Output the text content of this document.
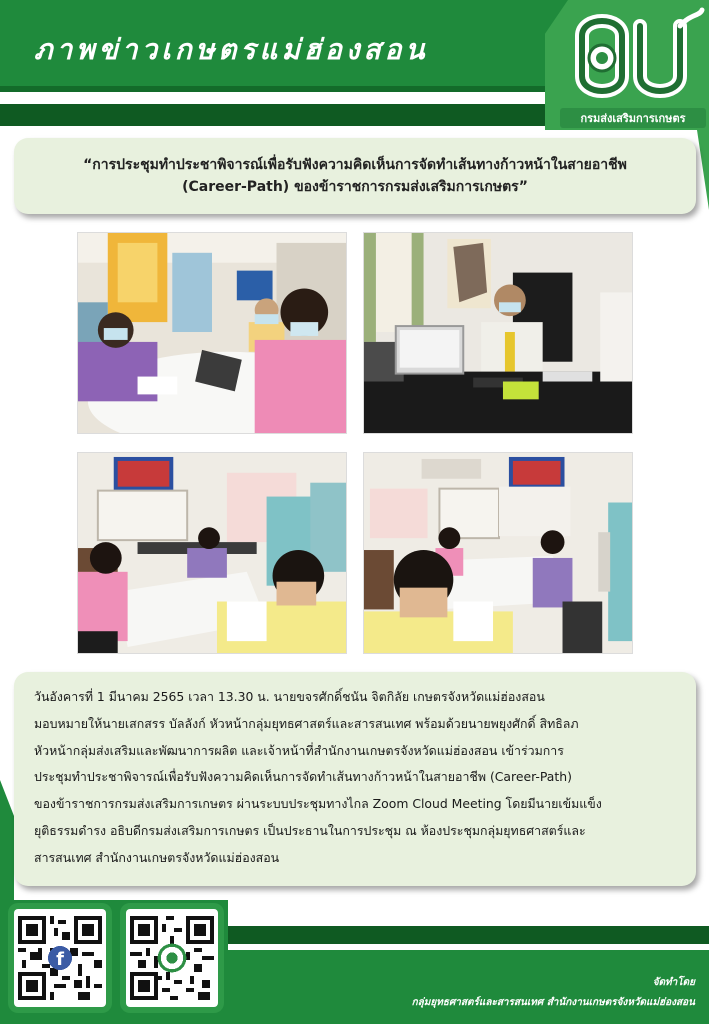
ภาพข่าวเกษตรแม่ฮ่องสอน
กรมส่งเสริมการเกษตร
“การประชุมทำประชาพิจารณ์เพื่อรับฟังความคิดเห็นการจัดทำเส้นทางก้าวหน้าในสายอาชีพ
(Career-Path) ของข้าราชการกรมส่งเสริมการเกษตร”
วันอังคารที่ 1 มีนาคม 2565 เวลา 13.30 น. นายขจรศักดิ์ชนัน จิตกิลัย เกษตรจังหวัดแม่ฮ่องสอน
มอบหมายให้นายเสกสรร บัลลังก์ หัวหน้ากลุ่มยุทธศาสตร์และสารสนเทศ พร้อมด้วยนายพยุงศักดิ์ สิทธิลภ
หัวหน้ากลุ่มส่งเสริมและพัฒนาการผลิต และเจ้าหน้าที่สำนักงานเกษตรจังหวัดแม่ฮ่องสอน เข้าร่วมการ
ประชุมทำประชาพิจารณ์เพื่อรับฟังความคิดเห็นการจัดทำเส้นทางก้าวหน้าในสายอาชีพ (Career-Path)
ของข้าราชการกรมส่งเสริมการเกษตร ผ่านระบบประชุมทางไกล Zoom Cloud Meeting โดยมีนายเข้มแข็ง
ยุติธรรมดำรง อธิบดีกรมส่งเสริมการเกษตร เป็นประธานในการประชุม ณ ห้องประชุมกลุ่มยุทธศาสตร์และ
สารสนเทศ สำนักงานเกษตรจังหวัดแม่ฮ่องสอน
f
จัดทำโดย
กลุ่มยุทธศาสตร์และสารสนเทศ สำนักงานเกษตรจังหวัดแม่ฮ่องสอน
